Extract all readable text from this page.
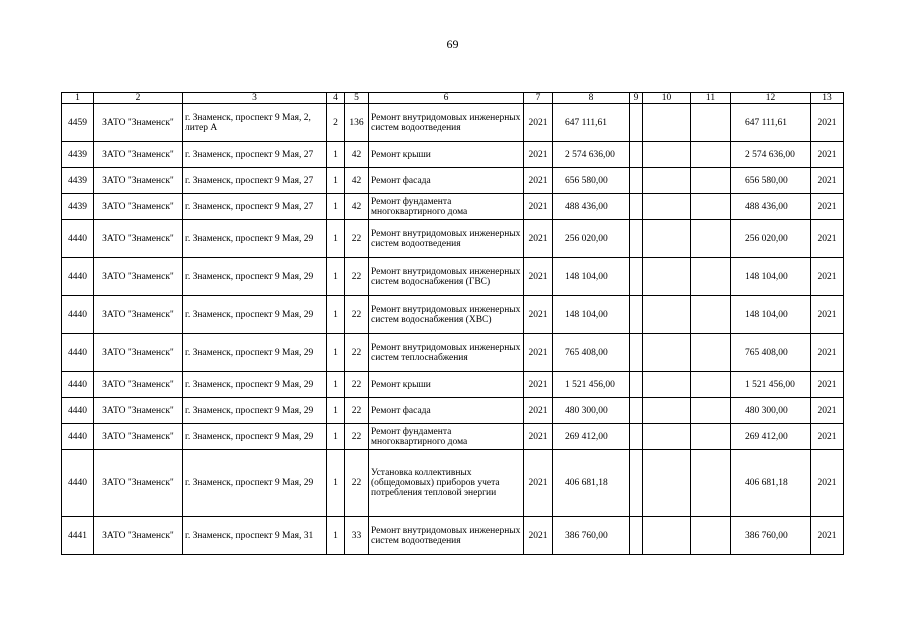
69
1	2	3	4	5	6	7	8	9	10	11	12	13
4459	ЗАТО "Знаменск"	г. Знаменск, проспект 9 Мая, 2, литер А	2	136	Ремонт внутридомовых инженерных систем водоотведения	2021	647 111,61				647 111,61	2021
4439	ЗАТО "Знаменск"	г. Знаменск, проспект 9 Мая, 27	1	42	Ремонт крыши	2021	2 574 636,00				2 574 636,00	2021
4439	ЗАТО "Знаменск"	г. Знаменск, проспект 9 Мая, 27	1	42	Ремонт фасада	2021	656 580,00				656 580,00	2021
4439	ЗАТО "Знаменск"	г. Знаменск, проспект 9 Мая, 27	1	42	Ремонт фундамента многоквартирного дома	2021	488 436,00				488 436,00	2021
4440	ЗАТО "Знаменск"	г. Знаменск, проспект 9 Мая, 29	1	22	Ремонт внутридомовых инженерных систем водоотведения	2021	256 020,00				256 020,00	2021
4440	ЗАТО "Знаменск"	г. Знаменск, проспект 9 Мая, 29	1	22	Ремонт внутридомовых инженерных систем водоснабжения (ГВС)	2021	148 104,00				148 104,00	2021
4440	ЗАТО "Знаменск"	г. Знаменск, проспект 9 Мая, 29	1	22	Ремонт внутридомовых инженерных систем водоснабжения (ХВС)	2021	148 104,00				148 104,00	2021
4440	ЗАТО "Знаменск"	г. Знаменск, проспект 9 Мая, 29	1	22	Ремонт внутридомовых инженерных систем теплоснабжения	2021	765 408,00				765 408,00	2021
4440	ЗАТО "Знаменск"	г. Знаменск, проспект 9 Мая, 29	1	22	Ремонт крыши	2021	1 521 456,00				1 521 456,00	2021
4440	ЗАТО "Знаменск"	г. Знаменск, проспект 9 Мая, 29	1	22	Ремонт фасада	2021	480 300,00				480 300,00	2021
4440	ЗАТО "Знаменск"	г. Знаменск, проспект 9 Мая, 29	1	22	Ремонт фундамента многоквартирного дома	2021	269 412,00				269 412,00	2021
4440	ЗАТО "Знаменск"	г. Знаменск, проспект 9 Мая, 29	1	22	Установка коллективных (общедомовых) приборов учета потребления тепловой энергии	2021	406 681,18				406 681,18	2021
4441	ЗАТО "Знаменск"	г. Знаменск, проспект 9 Мая, 31	1	33	Ремонт внутридомовых инженерных систем водоотведения	2021	386 760,00				386 760,00	2021
